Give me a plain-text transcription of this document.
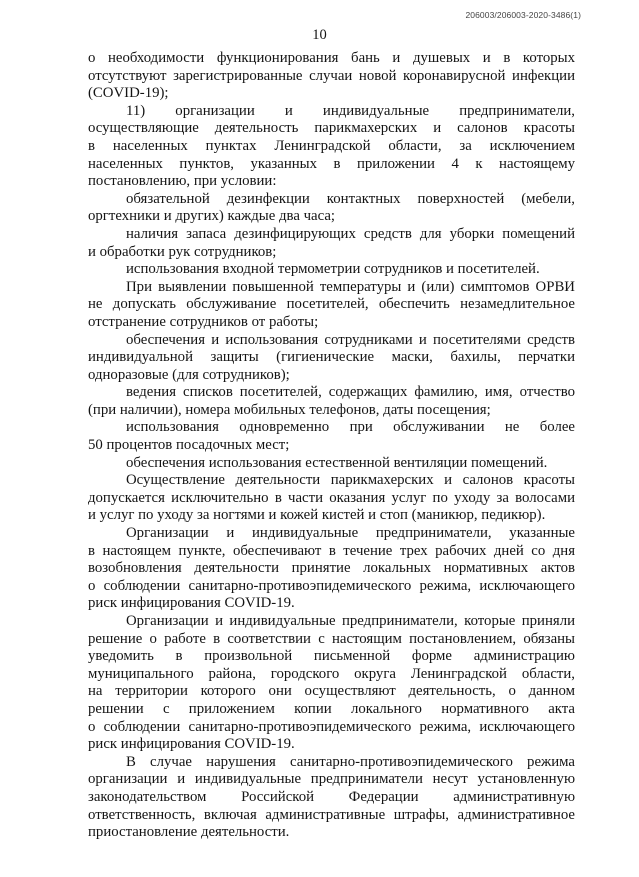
206003/206003-2020-3486(1)
10
о необходимости функционирования бань и душевых и в которых
отсутствуют зарегистрированные случаи новой коронавирусной инфекции
(COVID-19);
11) организации и индивидуальные предприниматели,
осуществляющие деятельность парикмахерских и салонов красоты
в населенных пунктах Ленинградской области, за исключением
населенных пунктов, указанных в приложении 4 к настоящему
постановлению, при условии:
обязательной дезинфекции контактных поверхностей (мебели,
оргтехники и других) каждые два часа;
наличия запаса дезинфицирующих средств для уборки помещений
и обработки рук сотрудников;
использования входной термометрии сотрудников и посетителей.
При выявлении повышенной температуры и (или) симптомов ОРВИ
не допускать обслуживание посетителей, обеспечить незамедлительное
отстранение сотрудников от работы;
обеспечения и использования сотрудниками и посетителями средств
индивидуальной защиты (гигиенические маски, бахилы, перчатки
одноразовые (для сотрудников);
ведения списков посетителей, содержащих фамилию, имя, отчество
(при наличии), номера мобильных телефонов, даты посещения;
использования одновременно при обслуживании не более
50 процентов посадочных мест;
обеспечения использования естественной вентиляции помещений.
Осуществление деятельности парикмахерских и салонов красоты
допускается исключительно в части оказания услуг по уходу за волосами
и услуг по уходу за ногтями и кожей кистей и стоп (маникюр, педикюр).
Организации и индивидуальные предприниматели, указанные
в настоящем пункте, обеспечивают в течение трех рабочих дней со дня
возобновления деятельности принятие локальных нормативных актов
о соблюдении санитарно-противоэпидемического режима, исключающего
риск инфицирования COVID-19.
Организации и индивидуальные предприниматели, которые приняли
решение о работе в соответствии с настоящим постановлением, обязаны
уведомить в произвольной письменной форме администрацию
муниципального района, городского округа Ленинградской области,
на территории которого они осуществляют деятельность, о данном
решении с приложением копии локального нормативного акта
о соблюдении санитарно-противоэпидемического режима, исключающего
риск инфицирования COVID-19.
В случае нарушения санитарно-противоэпидемического режима
организации и индивидуальные предприниматели несут установленную
законодательством Российской Федерации административную
ответственность, включая административные штрафы, административное
приостановление деятельности.
